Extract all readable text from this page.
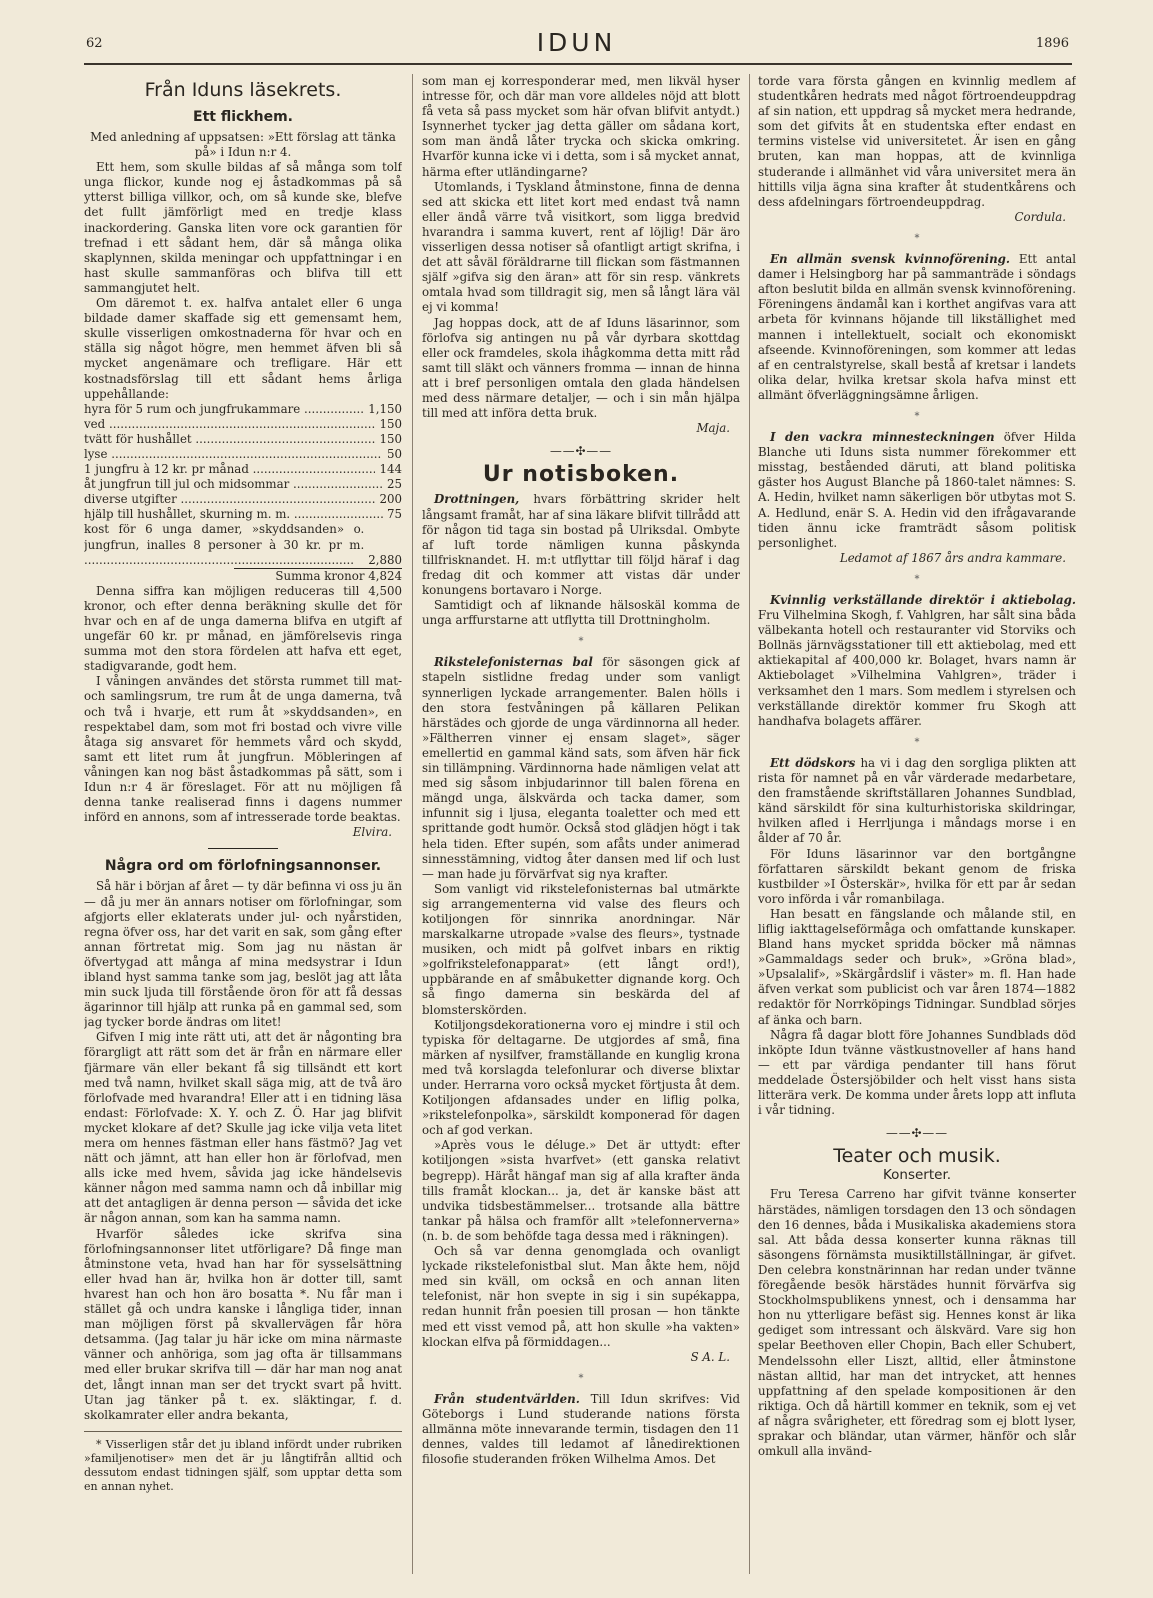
62	IDUN	1896
Från Iduns läsekrets.
Ett flickhem.

Med anledning af uppsatsen: »Ett förslag att tänka på» i Idun n:r 4.

Ett hem, som skulle bildas af så många som tolf unga flickor, kunde nog ej åstadkommas på så ytterst billiga villkor, och, om så kunde ske, blefve det fullt jämförligt med en tredje klass inackordering. Ganska liten vore ock garantien för trefnad i ett sådant hem, där så många olika skaplynnen, skilda meningar och uppfattningar i en hast skulle sammanföras och blifva till ett sammangjutet helt.

Om däremot t. ex. halfva antalet eller 6 unga bildade damer skaffade sig ett gemensamt hem, skulle visserligen omkostnaderna för hvar och en ställa sig något högre, men hemmet äfven bli så mycket angenämare och trefligare. Här ett kostnadsförslag till ett sådant hems årliga uppehållande:

hyra för 5 rum och jungfrukammare .....	1,150
ved .....	150
tvätt för hushållet .....	150
lyse .....	50
1 jungfru à 12 kr. pr månad .....	144
åt jungfrun till jul och midsommar .....	25
diverse utgifter .....	200
hjälp till hushållet, skurning m. m. .....	75
kost för 6 unga damer, »skyddsanden» o. jungfrun, inalles 8 personer à 30 kr. pr m. .....
2,880
Summa kronor 4,824

Denna siffra kan möjligen reduceras till 4,500 kronor, och efter denna beräkning skulle det för hvar och en af de unga damerna blifva en utgift af ungefär 60 kr. pr månad, en jämförelsevis ringa summa mot den stora fördelen att hafva ett eget, stadigvarande, godt hem.

I våningen användes det största rummet till mat- och samlingsrum, tre rum åt de unga damerna, två och två i hvarje, ett rum åt »skyddsanden», en respektabel dam, som mot fri bostad och vivre ville åtaga sig ansvaret för hemmets vård och skydd, samt ett litet rum åt jungfrun. Möbleringen af våningen kan nog bäst åstadkommas på sätt, som i Idun n:r 4 är föreslaget. För att nu möjligen få denna tanke realiserad finns i dagens nummer införd en annons, som af intresserade torde beaktas.

Elvira.
Några ord om förlofningsannonser.

Så här i början af året — ty där befinna vi oss ju än — då ju mer än annars notiser om förlofningar, som afgjorts eller eklaterats under jul- och nyårstiden, regna öfver oss, har det varit en sak, som gång efter annan förtretat mig. Som jag nu nästan är öfvertygad att många af mina medsystrar i Idun ibland hyst samma tanke som jag, beslöt jag att låta min suck ljuda till förstående öron för att få dessas ägarinnor till hjälp att runka på en gammal sed, som jag tycker borde ändras om litet!

Gifven I mig inte rätt uti, att det är någonting bra förargligt att rätt som det är från en närmare eller fjärmare vän eller bekant få sig tillsändt ett kort med två namn, hvilket skall säga mig, att de två äro förlofvade med hvarandra! Eller att i en tidning läsa endast: Förlofvade: X. Y. och Z. Ö. Har jag blifvit mycket klokare af det? Skulle jag icke vilja veta litet mera om hennes fästman eller hans fästmö? Jag vet nätt och jämnt, att han eller hon är förlofvad, men alls icke med hvem, såvida jag icke händelsevis känner någon med samma namn och då inbillar mig att det antagligen är denna person — såvida det icke är någon annan, som kan ha samma namn.

Hvarför således icke skrifva sina förlofningsannonser litet utförligare? Då finge man åtminstone veta, hvad han har för sysselsättning eller hvad han är, hvilka hon är dotter till, samt hvarest han och hon äro bosatta *. Nu får man i stället gå och undra kanske i långliga tider, innan man möjligen först på skvallervägen får höra detsamma. (Jag talar ju här icke om mina närmaste vänner och anhöriga, som jag ofta är tillsammans med eller brukar skrifva till — där har man nog anat det, långt innan man ser det tryckt svart på hvitt. Utan jag tänker på t. ex. släktingar, f. d. skolkamrater eller andra bekanta,

* Visserligen står det ju ibland infördt under rubriken »familjenotiser» men det är ju långtifrån alltid och dessutom endast tidningen själf, som upptar detta som en annan nyhet.

som man ej korresponderar med, men likväl hyser intresse för, och där man vore alldeles nöjd att blott få veta så pass mycket som här ofvan blifvit antydt.) Isynnerhet tycker jag detta gäller om sådana kort, som man ändå låter trycka och skicka omkring. Hvarför kunna icke vi i detta, som i så mycket annat, härma efter utländingarne?

Utomlands, i Tyskland åtminstone, finna de denna sed att skicka ett litet kort med endast två namn eller ändå värre två visitkort, som ligga bredvid hvarandra i samma kuvert, rent af löjlig! Där äro visserligen dessa notiser så ofantligt artigt skrifna, i det att såväl föräldrarne till flickan som fästmannen själf »gifva sig den äran» att för sin resp. vänkrets omtala hvad som tilldragit sig, men så långt lära väl ej vi komma!

Jag hoppas dock, att de af Iduns läsarinnor, som förlofva sig antingen nu på vår dyrbara skottdag eller ock framdeles, skola ihågkomma detta mitt råd samt till släkt och vänners fromma — innan de hinna att i bref personligen omtala den glada händelsen med dess närmare detaljer, — och i sin mån hjälpa till med att införa detta bruk.

Maja.
——✣——
Ur notisboken.

Drottningen, hvars förbättring skrider helt långsamt framåt, har af sina läkare blifvit tillrådd att för någon tid taga sin bostad på Ulriksdal. Ombyte af luft torde nämligen kunna påskynda tillfrisknandet. H. m:t utflyttar till följd häraf i dag fredag dit och kommer att vistas där under konungens bortavaro i Norge.

Samtidigt och af liknande hälsoskäl komma de unga arffurstarne att utflytta till Drottningholm.

*

Rikstelefonisternas bal för säsongen gick af stapeln sistlidne fredag under som vanligt synnerligen lyckade arrangementer. Balen hölls i den stora festvåningen på källaren Pelikan härstädes och gjorde de unga värdinnorna all heder. »Fältherren vinner ej ensam slaget», säger emellertid en gammal känd sats, som äfven här fick sin tillämpning. Värdinnorna hade nämligen velat att med sig såsom inbjudarinnor till balen förena en mängd unga, älskvärda och tacka damer, som infunnit sig i ljusa, eleganta toaletter och med ett sprittande godt humör. Också stod glädjen högt i tak hela tiden. Efter supén, som afåts under animerad sinnesstämning, vidtog åter dansen med lif och lust — man hade ju förvärfvat sig nya krafter.

Som vanligt vid rikstelefonisternas bal utmärkte sig arrangementerna vid valse des fleurs och kotiljongen för sinnrika anordningar. När marskalkarne utropade »valse des fleurs», tystnade musiken, och midt på golfvet inbars en riktig »golfrikstelefonapparat» (ett långt ord!), uppbärande en af småbuketter dignande korg. Och så fingo damerna sin beskärda del af blomsterskörden.

Kotiljongsdekorationerna voro ej mindre i stil och typiska för deltagarne. De utgjordes af små, fina märken af nysilfver, framställande en kunglig krona med två korslagda telefonlurar och diverse blixtar under. Herrarna voro också mycket förtjusta åt dem. Kotiljongen afdansades under en liflig polka, »rikstelefonpolka», särskildt komponerad för dagen och af god verkan.

»Après vous le déluge.» Det är uttydt: efter kotiljongen »sista hvarfvet» (ett ganska relativt begrepp). Häråt hängaf man sig af alla krafter ända tills framåt klockan... ja, det är kanske bäst att undvika tidsbestämmelser... trotsande alla bättre tankar på hälsa och framför allt »telefonnerverna» (n. b. de som behöfde taga dessa med i räkningen).

Och så var denna genomglada och ovanligt lyckade rikstelefonistbal slut. Man åkte hem, nöjd med sin kväll, om också en och annan liten telefonist, när hon svepte in sig i sin supékappa, redan hunnit från poesien till prosan — hon tänkte med ett visst vemod på, att hon skulle »ha vakten» klockan elfva på förmiddagen...

S A. L.
*

Från studentvärlden. Till Idun skrifves: Vid Göteborgs i Lund studerande nations första allmänna möte innevarande termin, tisdagen den 11 dennes, valdes till ledamot af lånedirektionen filosofie studeranden fröken Wilhelma Amos. Det

torde vara första gången en kvinnlig medlem af studentkåren hedrats med något förtroendeuppdrag af sin nation, ett uppdrag så mycket mera hedrande, som det gifvits åt en studentska efter endast en termins vistelse vid universitetet. Är isen en gång bruten, kan man hoppas, att de kvinnliga studerande i allmänhet vid våra universitet mera än hittills vilja ägna sina krafter åt studentkårens och dess afdelningars förtroendeuppdrag.

Cordula.
*

En allmän svensk kvinnoförening. Ett antal damer i Helsingborg har på sammanträde i söndags afton beslutit bilda en allmän svensk kvinnoförening. Föreningens ändamål kan i korthet angifvas vara att arbeta för kvinnans höjande till likställighet med mannen i intellektuelt, socialt och ekonomiskt afseende. Kvinnoföreningen, som kommer att ledas af en centralstyrelse, skall bestå af kretsar i landets olika delar, hvilka kretsar skola hafva minst ett allmänt öfverläggningsämne årligen.

*

I den vackra minnesteckningen öfver Hilda Blanche uti Iduns sista nummer förekommer ett misstag, beståended däruti, att bland politiska gäster hos August Blanche på 1860-talet nämnes: S. A. Hedin, hvilket namn säkerligen bör utbytas mot S. A. Hedlund, enär S. A. Hedin vid den ifrågavarande tiden ännu icke framträdt såsom politisk personlighet.

Ledamot af 1867 års andra kammare.
*

Kvinnlig verkställande direktör i aktiebolag. Fru Vilhelmina Skogh, f. Vahlgren, har sålt sina båda välbekanta hotell och restauranter vid Storviks och Bollnäs järnvägsstationer till ett aktiebolag, med ett aktiekapital af 400,000 kr. Bolaget, hvars namn är Aktiebolaget »Vilhelmina Vahlgren», träder i verksamhet den 1 mars. Som medlem i styrelsen och verkställande direktör kommer fru Skogh att handhafva bolagets affärer.

*

Ett dödskors ha vi i dag den sorgliga plikten att rista för namnet på en vår värderade medarbetare, den framstående skriftställaren Johannes Sundblad, känd särskildt för sina kulturhistoriska skildringar, hvilken afled i Herrljunga i måndags morse i en ålder af 70 år.

För Iduns läsarinnor var den bortgångne författaren särskildt bekant genom de friska kustbilder »I Österskär», hvilka för ett par år sedan voro införda i vår romanbilaga.

Han besatt en fängslande och målande stil, en liflig iakttagelseförmåga och omfattande kunskaper. Bland hans mycket spridda böcker må nämnas »Gammaldags seder och bruk», »Gröna blad», »Upsalalif», »Skärgårdslif i väster» m. fl. Han hade äfven verkat som publicist och var åren 1874—1882 redaktör för Norrköpings Tidningar. Sundblad sörjes af änka och barn.

Några få dagar blott före Johannes Sundblads död inköpte Idun tvänne västkustnoveller af hans hand — ett par värdiga pendanter till hans förut meddelade Östersjöbilder och helt visst hans sista litterära verk. De komma under årets lopp att influta i vår tidning.

——✣——
Teater och musik.
Konserter.

Fru Teresa Carreno har gifvit tvänne konserter härstädes, nämligen torsdagen den 13 och söndagen den 16 dennes, båda i Musikaliska akademiens stora sal. Att båda dessa konserter kunna räknas till säsongens förnämsta musiktillställningar, är gifvet. Den celebra konstnärinnan har redan under tvänne föregående besök härstädes hunnit förvärfva sig Stockholmspublikens ynnest, och i densamma har hon nu ytterligare befäst sig. Hennes konst är lika gediget som intressant och älskvärd. Vare sig hon spelar Beethoven eller Chopin, Bach eller Schubert, Mendelssohn eller Liszt, alltid, eller åtminstone nästan alltid, har man det intrycket, att hennes uppfattning af den spelade kompositionen är den riktiga. Och då härtill kommer en teknik, som ej vet af några svårigheter, ett föredrag som ej blott lyser, sprakar och bländar, utan värmer, hänför och slår omkull alla invänd-
